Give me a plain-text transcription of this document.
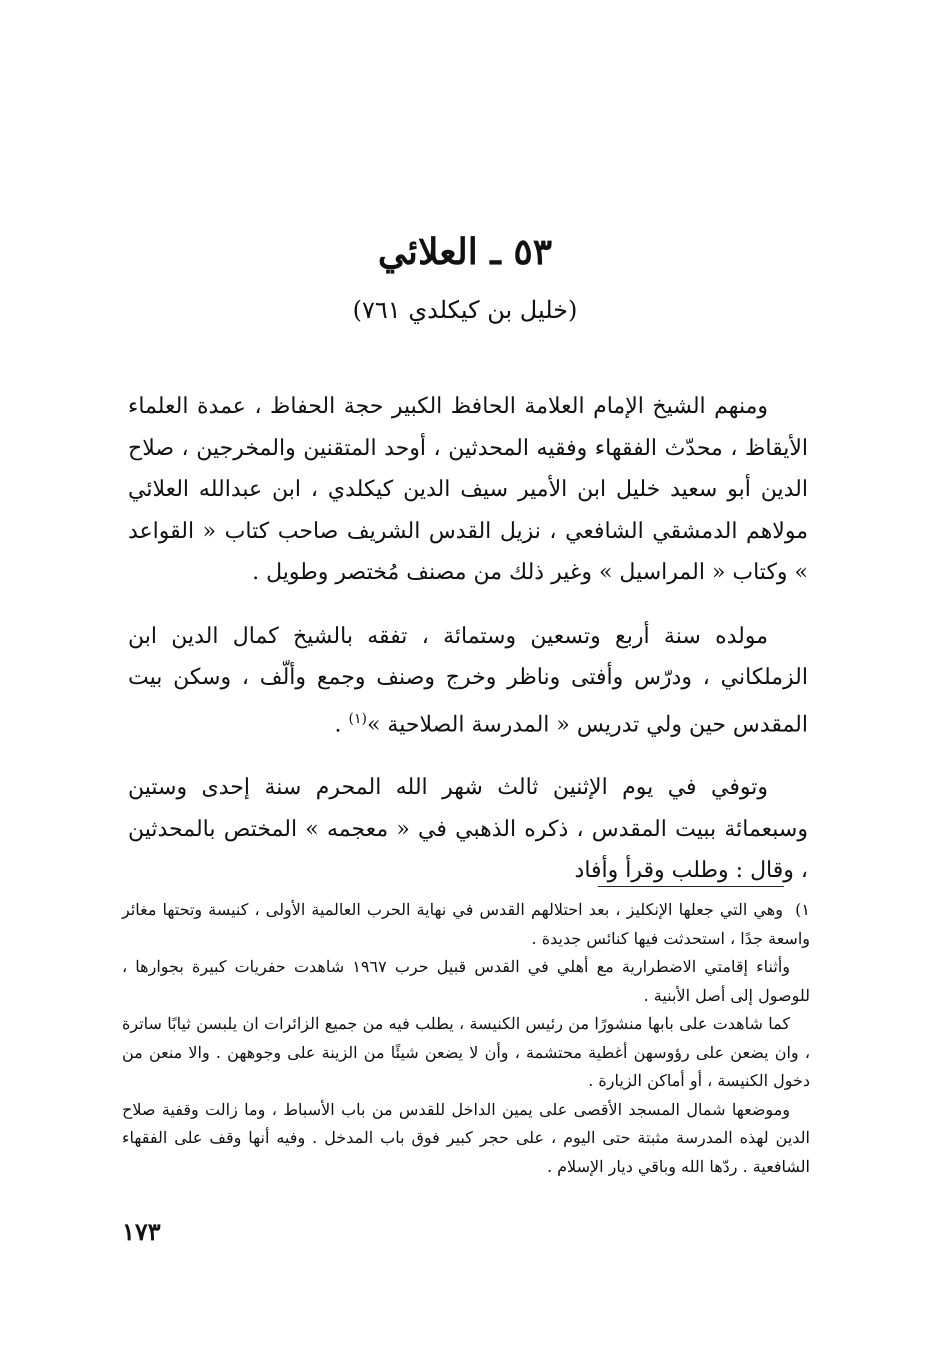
٥٣ ـ العلائي
(خليل بن كيكلدي ٧٦١)

ومنهم الشيخ الإمام العلامة الحافظ الكبير حجة الحفاظ ، عمدة العلماء الأيقاظ ، محدّث الفقهاء وفقيه المحدثين ، أوحد المتقنين والمخرجين ، صلاح الدين أبو سعيد خليل ابن الأمير سيف الدين كيكلدي ، ابن عبدالله العلائي مولاهم الدمشقي الشافعي ، نزيل القدس الشريف صاحب كتاب « القواعد » وكتاب « المراسيل » وغير ذلك من مصنف مُختصر وطويل .

مولده سنة أربع وتسعين وستمائة ، تفقه بالشيخ كمال الدين ابن الزملكاني ، ودرّس وأفتى وناظر وخرج وصنف وجمع وألّف ، وسكن بيت المقدس حين ولي تدريس « المدرسة الصلاحية »$^{(١)}$ .

وتوفي في يوم الإثنين ثالث شهر الله المحرم سنة إحدى وستين وسبعمائة ببيت المقدس ، ذكره الذهبي في « معجمه » المختص بالمحدثين ، وقال : وطلب وقرأ وأفاد

١)  وهي التي جعلها الإنكليز ، بعد احتلالهم القدس في نهاية الحرب العالمية الأولى ، كنيسة وتحتها مغائر واسعة جدًا ، استحدثت فيها كنائس جديدة .

وأثناء إقامتي الاضطرارية مع أهلي في القدس قبيل حرب ١٩٦٧ شاهدت حفريات كبيرة بجوارها ، للوصول إلى أصل الأبنية .

كما شاهدت على بابها منشورًا من رئيس الكنيسة ، يطلب فيه من جميع الزائرات ان يلبسن ثيابًا ساترة ، وان يضعن على رؤوسهن أغطية محتشمة ، وأن لا يضعن شيئًا من الزينة على وجوههن . والا منعن من دخول الكنيسة ، أو أماكن الزيارة .

وموضعها شمال المسجد الأقصى على يمين الداخل للقدس من باب الأسباط ، وما زالت وقفية صلاح الدين لهذه المدرسة مثبتة حتى اليوم ، على حجر كبير فوق باب المدخل . وفيه أنها وقف على الفقهاء الشافعية . ردّها الله وباقي ديار الإسلام .

١٧٣
